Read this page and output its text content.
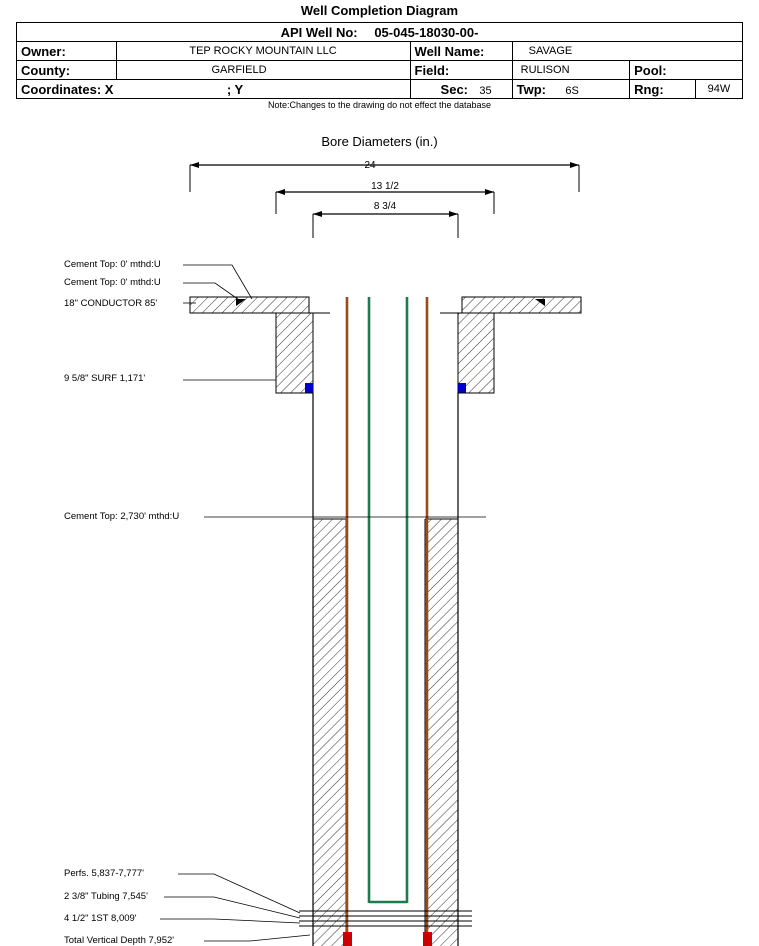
Well Completion Diagram
API Well No: 05-045-18030-00-					
Owner:	TEP ROCKY MOUNTAIN LLC	Well Name:	SAVAGE		
County:	GARFIELD	Field:	RULISON	Pool:	
Coordinates: X ; Y		Sec: 35	Twp: 6S	Rng:	94W
Note:Changes to the drawing do not effect the database
Bore Diameters (in.)
24
13 1/2
8 3/4
Cement Top: 0' mthd:U
Cement Top: 0' mthd:U
18" CONDUCTOR 85'
9 5/8" SURF 1,171'
Cement Top: 2,730' mthd:U
Perfs. 5,837-7,777'
2 3/8" Tubing 7,545'
4 1/2" 1ST 8,009'
Total Vertical Depth 7,952'
